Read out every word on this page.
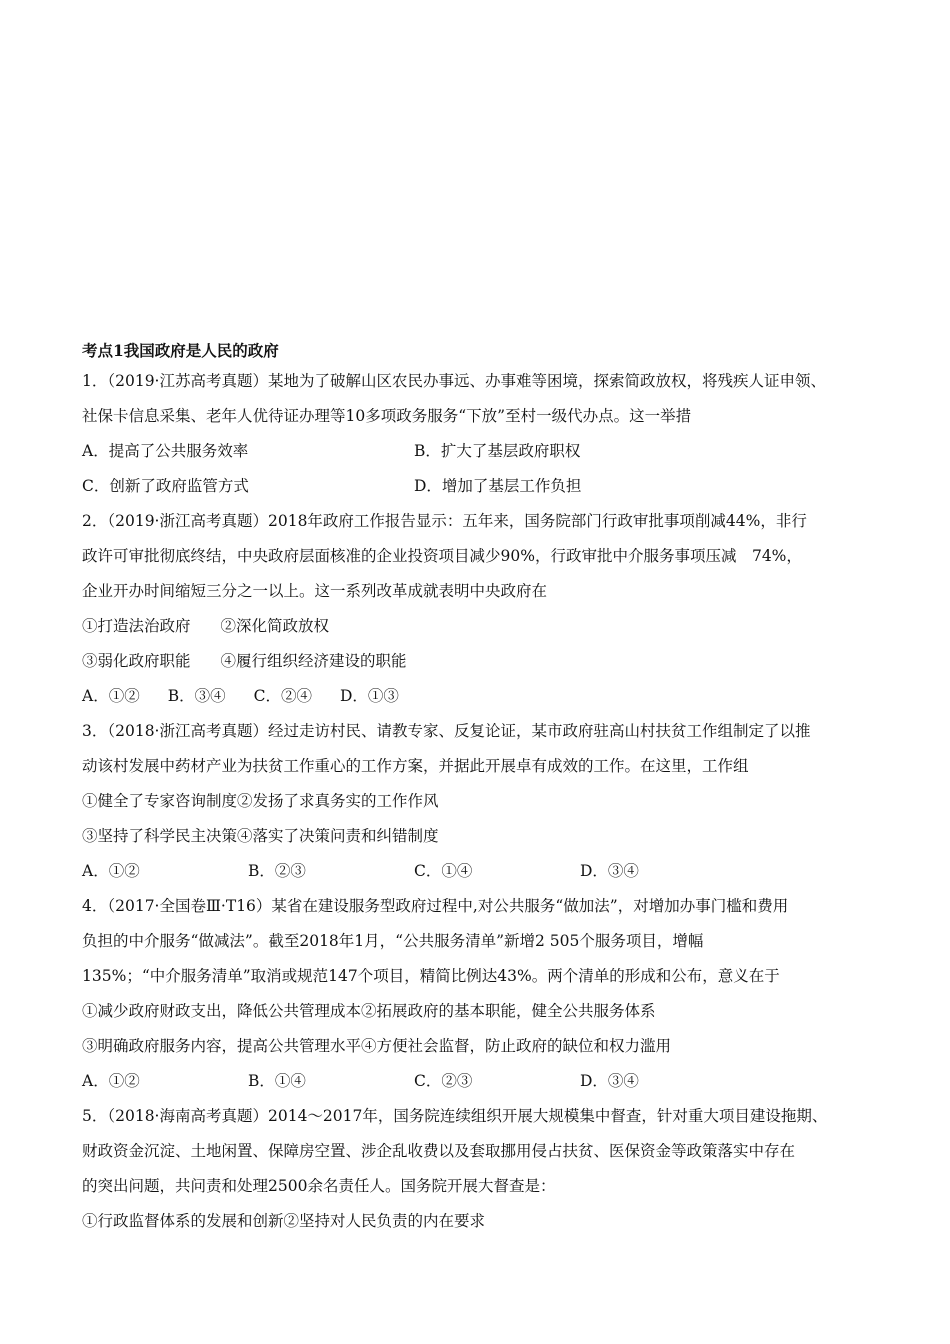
考点1我国政府是人民的政府
1．（2019·江苏高考真题）某地为了破解山区农民办事远、办事难等困境，探索简政放权，将残疾人证申领、
社保卡信息采集、老年人优待证办理等10多项政务服务“下放”至村一级代办点。这一举措
A．提高了公共服务效率	B．扩大了基层政府职权
C．创新了政府监管方式	D．增加了基层工作负担
2．（2019·浙江高考真题）2018年政府工作报告显示：五年来，国务院部门行政审批事项削减44%，非行
政许可审批彻底终结，中央政府层面核准的企业投资项目减少90%，行政审批中介服务事项压减　74%，
企业开办时间缩短三分之一以上。这一系列改革成就表明中央政府在
①打造法治政府 ②深化简政放权
③弱化政府职能 ④履行组织经济建设的职能
A．①② B．③④ C．②④ D．①③
3．（2018·浙江高考真题）经过走访村民、请教专家、反复论证，某市政府驻高山村扶贫工作组制定了以推
动该村发展中药材产业为扶贫工作重心的工作方案，并据此开展卓有成效的工作。在这里，工作组
①健全了专家咨询制度②发扬了求真务实的工作作风
③坚持了科学民主决策④落实了决策问责和纠错制度
A．①②	B．②③	C．①④	D．③④
4．（2017·全国卷Ⅲ·T16）某省在建设服务型政府过程中,对公共服务“做加法”，对增加办事门槛和费用
负担的中介服务“做减法”。截至2018年1月，“公共服务清单”新增2 505个服务项目，增幅
135%；“中介服务清单”取消或规范147个项目，精简比例达43%。两个清单的形成和公布，意义在于
①减少政府财政支出，降低公共管理成本②拓展政府的基本职能，健全公共服务体系
③明确政府服务内容，提高公共管理水平④方便社会监督，防止政府的缺位和权力滥用
A．①②	B．①④	C．②③	D．③④
5．（2018·海南高考真题）2014～2017年，国务院连续组织开展大规模集中督查，针对重大项目建设拖期、
财政资金沉淀、土地闲置、保障房空置、涉企乱收费以及套取挪用侵占扶贫、医保资金等政策落实中存在
的突出问题，共问责和处理2500余名责任人。国务院开展大督查是：
①行政监督体系的发展和创新②坚持对人民负责的内在要求
